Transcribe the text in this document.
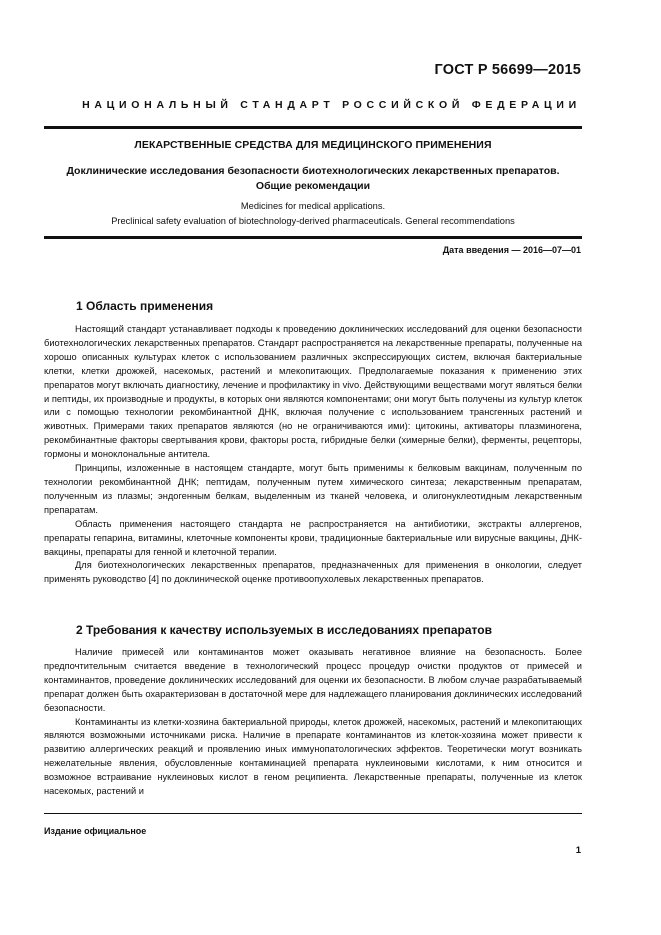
ГОСТ Р 56699—2015
НАЦИОНАЛЬНЫЙ СТАНДАРТ РОССИЙСКОЙ ФЕДЕРАЦИИ
ЛЕКАРСТВЕННЫЕ СРЕДСТВА ДЛЯ МЕДИЦИНСКОГО ПРИМЕНЕНИЯ
Доклинические исследования безопасности биотехнологических лекарственных препаратов.
Общие рекомендации
Medicines for medical applications.
Preclinical safety evaluation of biotechnology-derived pharmaceuticals. General recommendations
Дата введения — 2016—07—01
1 Область применения

Настоящий стандарт устанавливает подходы к проведению доклинических исследований для оценки безопасности биотехнологических лекарственных препаратов. Стандарт распространяется на лекарственные препараты, полученные на хорошо описанных культурах клеток с использованием различных экспрессирующих систем, включая бактериальные клетки, клетки дрожжей, насекомых, растений и млекопитающих. Предполагаемые показания к применению этих препаратов могут включать диагностику, лечение и профилактику in vivo. Действующими веществами могут являться белки и пептиды, их производные и продукты, в которых они являются компонентами; они могут быть получены из культур клеток или с помощью технологии рекомбинантной ДНК, включая получение с использованием трансгенных растений и животных. Примерами таких препаратов являются (но не ограничиваются ими): цитокины, активаторы плазминогена, рекомбинантные факторы свертывания крови, факторы роста, гибридные белки (химерные белки), ферменты, рецепторы, гормоны и моноклональные антитела.

Принципы, изложенные в настоящем стандарте, могут быть применимы к белковым вакцинам, полученным по технологии рекомбинантной ДНК; пептидам, полученным путем химического синтеза; лекарственным препаратам, полученным из плазмы; эндогенным белкам, выделенным из тканей человека, и олигонуклеотидным лекарственным препаратам.

Область применения настоящего стандарта не распространяется на антибиотики, экстракты аллергенов, препараты гепарина, витамины, клеточные компоненты крови, традиционные бактериальные или вирусные вакцины, ДНК-вакцины, препараты для генной и клеточной терапии.

Для биотехнологических лекарственных препаратов, предназначенных для применения в онкологии, следует применять руководство [4] по доклинической оценке противоопухолевых лекарственных препаратов.

2 Требования к качеству используемых в исследованиях препаратов

Наличие примесей или контаминантов может оказывать негативное влияние на безопасность. Более предпочтительным считается введение в технологический процесс процедур очистки продуктов от примесей и контаминантов, проведение доклинических исследований для оценки их безопасности. В любом случае разрабатываемый препарат должен быть охарактеризован в достаточной мере для надлежащего планирования доклинических исследований безопасности.

Контаминанты из клетки-хозяина бактериальной природы, клеток дрожжей, насекомых, растений и млекопитающих являются возможными источниками риска. Наличие в препарате контаминантов из клеток-хозяина может привести к развитию аллергических реакций и проявлению иных иммунопатологических эффектов. Теоретически могут возникать нежелательные явления, обусловленные контаминацией препарата нуклеиновыми кислотами, к ним относится и возможное встраивание нуклеиновых кислот в геном реципиента. Лекарственные препараты, полученные из клеток насекомых, растений и

Издание официальное
1
